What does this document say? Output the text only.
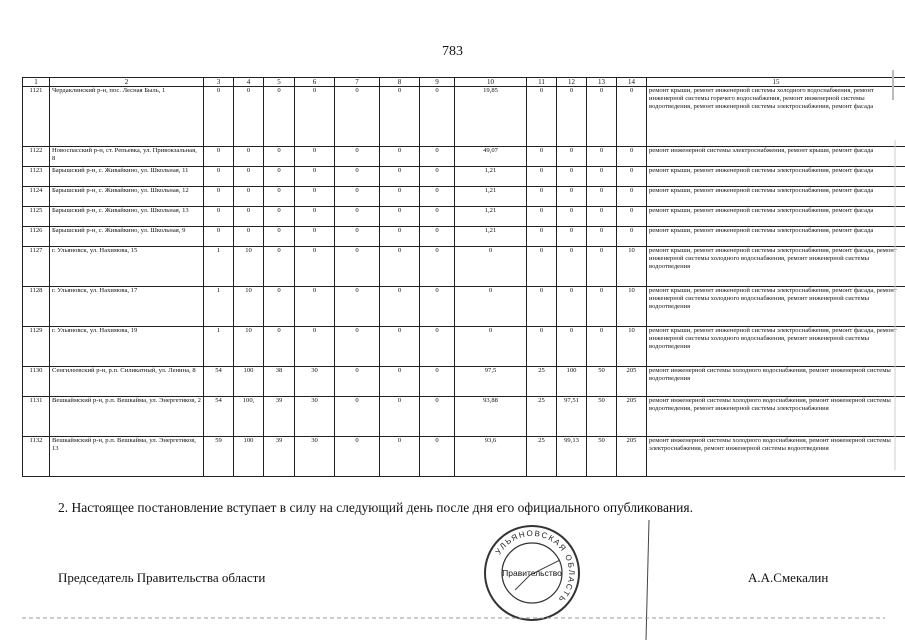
783
1	2	3	4	5	6	7	8	9	10	11	12	13	14	15
1121	Чердаклинский р-н, пос. Лесная Быль, 1	0	0	0	0	0	0	0	19,85	0	0	0	0	ремонт крыши, ремонт инженерной системы холодного водоснабжения, ремонт инженерной системы горячего водоснабжения, ремонт инженерной системы водоотведения, ремонт инженерной системы электроснабжения, ремонт фасада
1122	Новоспасский р-н, ст. Репьевка, ул. Привокзальная, 8	0	0	0	0	0	0	0	49,07	0	0	0	0	ремонт инженерной системы электроснабжения, ремонт крыши, ремонт фасада
1123	Барышский р-н, с. Живайкино, ул. Школьная, 11	0	0	0	0	0	0	0	1,21	0	0	0	0	ремонт крыши, ремонт инженерной системы электроснабжения, ремонт фасада
1124	Барышский р-н, с. Живайкино, ул. Школьная, 12	0	0	0	0	0	0	0	1,21	0	0	0	0	ремонт крыши, ремонт инженерной системы электроснабжения, ремонт фасада
1125	Барышский р-н, с. Живайкино, ул. Школьная, 13	0	0	0	0	0	0	0	1,21	0	0	0	0	ремонт крыши, ремонт инженерной системы электроснабжения, ремонт фасада
1126	Барышский р-н, с. Живайкино, ул. Школьная, 9	0	0	0	0	0	0	0	1,21	0	0	0	0	ремонт крыши, ремонт инженерной системы электроснабжения, ремонт фасада
1127	г. Ульяновск, ул. Нахимова, 15	1	10	0	0	0	0	0	0	0	0	0	10	ремонт крыши, ремонт инженерной системы электроснабжения, ремонт фасада, ремонт инженерной системы холодного водоснабжения, ремонт инженерной системы водоотведения
1128	г. Ульяновск, ул. Нахимова, 17	1	10	0	0	0	0	0	0	0	0	0	10	ремонт крыши, ремонт инженерной системы электроснабжения, ремонт фасада, ремонт инженерной системы холодного водоснабжения, ремонт инженерной системы водоотведения
1129	г. Ульяновск, ул. Нахимова, 19	1	10	0	0	0	0	0	0	0	0	0	10	ремонт крыши, ремонт инженерной системы электроснабжения, ремонт фасада, ремонт инженерной системы холодного водоснабжения, ремонт инженерной системы водоотведения
1130	Сенгилеевский р-н, р.п. Силикатный, ул. Ленина, 8	54	100	38	30	0	0	0	97,5	25	100	50	205	ремонт инженерной системы холодного водоснабжения, ремонт инженерной системы водоотведения
1131	Вешкаймский р-н, р.п. Вешкайма, ул. Энергетиков, 2	54	100,	39	30	0	0	0	93,88	25	97,51	50	205	ремонт инженерной системы холодного водоснабжения, ремонт инженерной системы водоотведения, ремонт инженерной системы электроснабжения
1132	Вешкаймский р-н, р.п. Вешкайма, ул. Энергетиков, 13	59	100	39	30	0	0	0	93,6	25	99,13	50	205	ремонт инженерной системы холодного водоснабжения, ремонт инженерной системы электроснабжения, ремонт инженерной системы водоотведения
2. Настоящее постановление вступает в силу на следующий день после дня его официального опубликования.
Председатель Правительства области	А.А.Смекалин
УЛЬЯНОВСКАЯ ОБЛАСТЬ
Правительство
